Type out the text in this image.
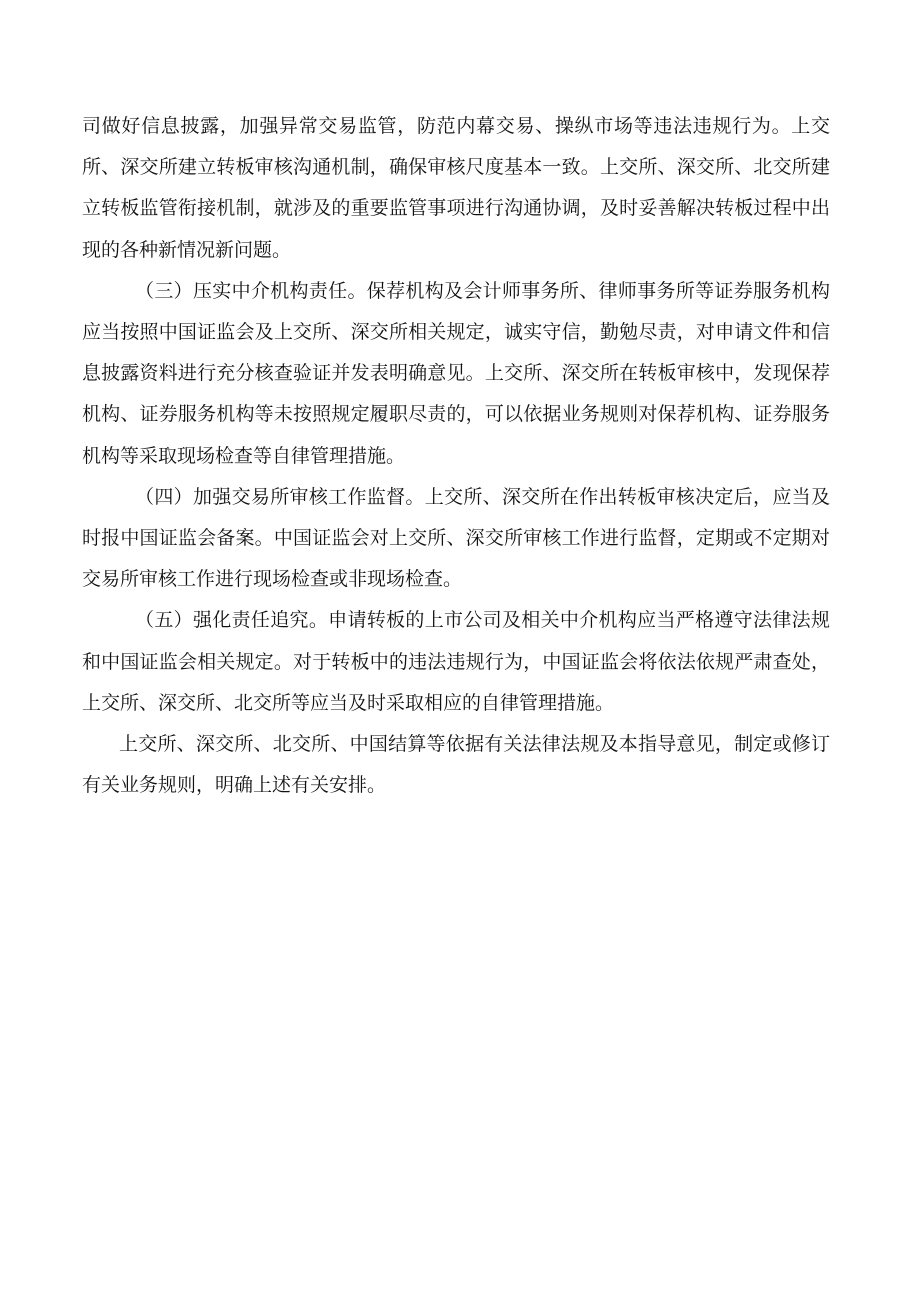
司做好信息披露，加强异常交易监管，防范内幕交易、操纵市场等违法违规行为。上交所、深交所建立转板审核沟通机制，确保审核尺度基本一致。上交所、深交所、北交所建立转板监管衔接机制，就涉及的重要监管事项进行沟通协调，及时妥善解决转板过程中出现的各种新情况新问题。

（三）压实中介机构责任。保荐机构及会计师事务所、律师事务所等证券服务机构应当按照中国证监会及上交所、深交所相关规定，诚实守信，勤勉尽责，对申请文件和信息披露资料进行充分核查验证并发表明确意见。上交所、深交所在转板审核中，发现保荐机构、证券服务机构等未按照规定履职尽责的，可以依据业务规则对保荐机构、证券服务机构等采取现场检查等自律管理措施。

（四）加强交易所审核工作监督。上交所、深交所在作出转板审核决定后，应当及时报中国证监会备案。中国证监会对上交所、深交所审核工作进行监督，定期或不定期对交易所审核工作进行现场检查或非现场检查。

（五）强化责任追究。申请转板的上市公司及相关中介机构应当严格遵守法律法规和中国证监会相关规定。对于转板中的违法违规行为，中国证监会将依法依规严肃查处，上交所、深交所、北交所等应当及时采取相应的自律管理措施。

上交所、深交所、北交所、中国结算等依据有关法律法规及本指导意见，制定或修订有关业务规则，明确上述有关安排。
